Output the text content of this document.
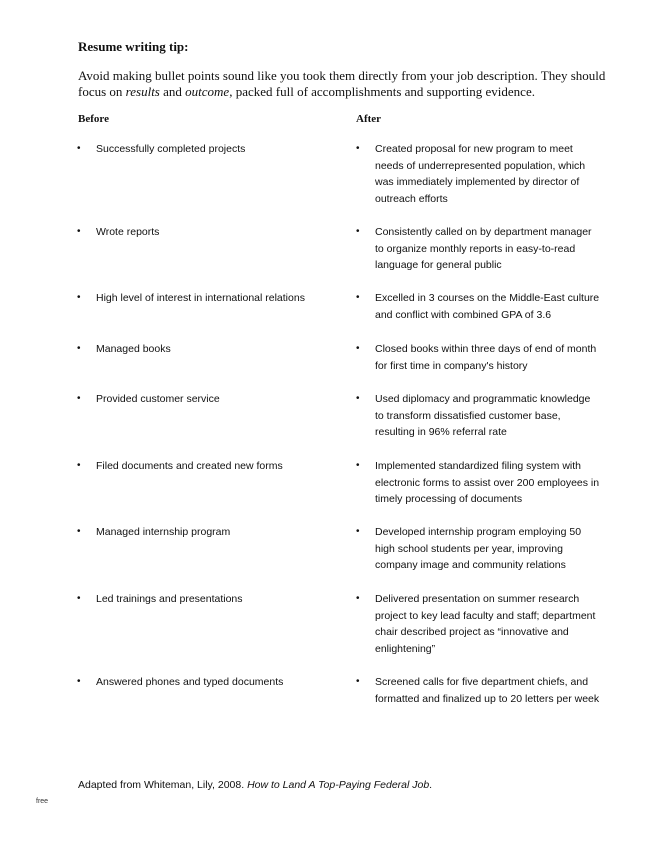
Resume writing tip:
Avoid making bullet points sound like you took them directly from your job description. They should focus on results and outcome, packed full of accomplishments and supporting evidence.
Before	After
• Successfully completed projects	• Created proposal for new program to meet needs of underrepresented population, which was immediately implemented by director of outreach efforts
• Wrote reports	• Consistently called on by department manager to organize monthly reports in easy-to-read language for general public
• High level of interest in international relations	• Excelled in 3 courses on the Middle-East culture and conflict with combined GPA of 3.6
• Managed books	• Closed books within three days of end of month for first time in company's history
• Provided customer service	• Used diplomacy and programmatic knowledge to transform dissatisfied customer base, resulting in 96% referral rate
• Filed documents and created new forms	• Implemented standardized filing system with electronic forms to assist over 200 employees in timely processing of documents
• Managed internship program	• Developed internship program employing 50 high school students per year, improving company image and community relations
• Led trainings and presentations	• Delivered presentation on summer research project to key lead faculty and staff; department chair described project as “innovative and enlightening”
• Answered phones and typed documents	• Screened calls for five department chiefs, and formatted and finalized up to 20 letters per week
Adapted from Whiteman, Lily, 2008. How to Land A Top-Paying Federal Job.
free
